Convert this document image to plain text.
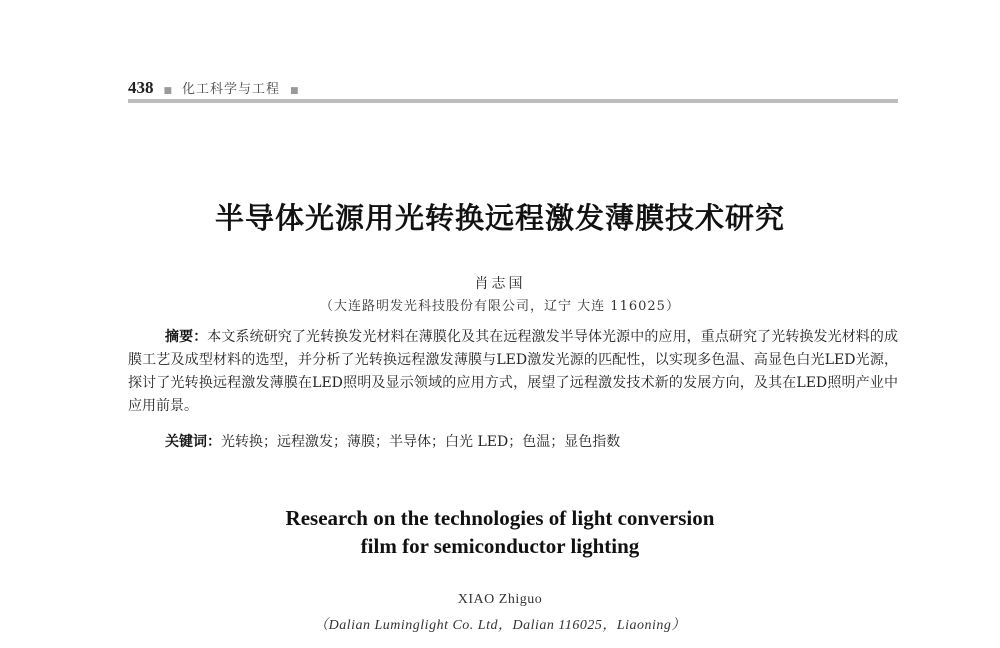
438 ■ 化工科学与工程 ■
半导体光源用光转换远程激发薄膜技术研究
肖志国
（大连路明发光科技股份有限公司，辽宁 大连 116025）

摘要：本文系统研究了光转换发光材料在薄膜化及其在远程激发半导体光源中的应用，重点研究了光转换发光材料的成膜工艺及成型材料的选型，并分析了光转换远程激发薄膜与LED激发光源的匹配性，以实现多色温、高显色白光LED光源，探讨了光转换远程激发薄膜在LED照明及显示领域的应用方式，展望了远程激发技术新的发展方向，及其在LED照明产业中应用前景。

关键词：光转换；远程激发；薄膜；半导体；白光 LED；色温；显色指数

Research on the technologies of light conversion
film for semiconductor lighting
XIAO Zhiguo
（Dalian Luminglight Co. Ltd，Dalian 116025，Liaoning）
